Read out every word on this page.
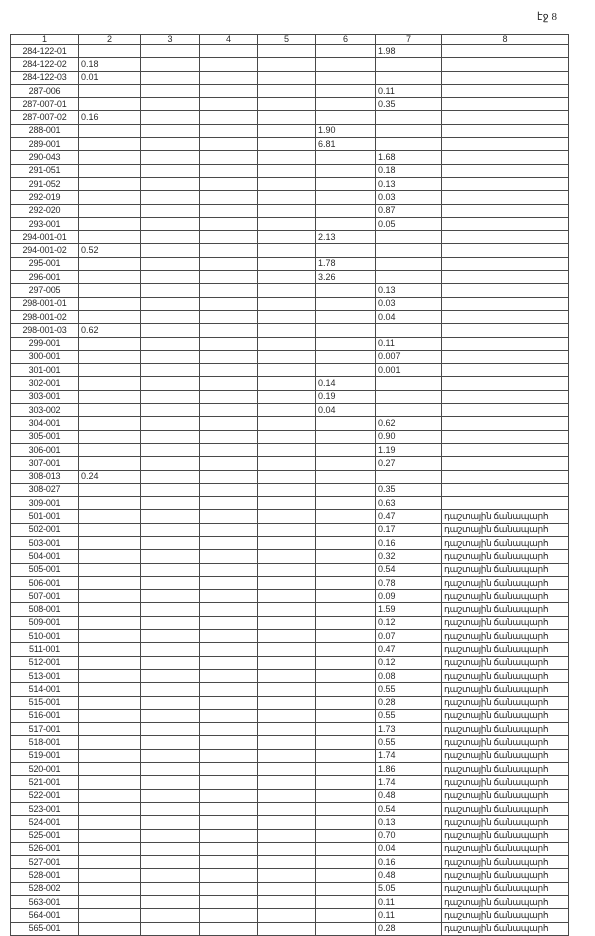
էջ 8
1	2	3	4	5	6	7	8
284-122-01						1.98	
284-122-02	0.18						
284-122-03	0.01						
287-006						0.11	
287-007-01						0.35	
287-007-02	0.16						
288-001					1.90		
289-001					6.81		
290-043						1.68	
291-051						0.18	
291-052						0.13	
292-019						0.03	
292-020						0.87	
293-001						0.05	
294-001-01					2.13		
294-001-02	0.52						
295-001					1.78		
296-001					3.26		
297-005						0.13	
298-001-01						0.03	
298-001-02						0.04	
298-001-03	0.62						
299-001						0.11	
300-001						0.007	
301-001						0.001	
302-001					0.14		
303-001					0.19		
303-002					0.04		
304-001						0.62	
305-001						0.90	
306-001						1.19	
307-001						0.27	
308-013	0.24						
308-027						0.35	
309-001						0.63	
501-001						0.47	դաշտային ճանապարհ
502-001						0.17	դաշտային ճանապարհ
503-001						0.16	դաշտային ճանապարհ
504-001						0.32	դաշտային ճանապարհ
505-001						0.54	դաշտային ճանապարհ
506-001						0.78	դաշտային ճանապարհ
507-001						0.09	դաշտային ճանապարհ
508-001						1.59	դաշտային ճանապարհ
509-001						0.12	դաշտային ճանապարհ
510-001						0.07	դաշտային ճանապարհ
511-001						0.47	դաշտային ճանապարհ
512-001						0.12	դաշտային ճանապարհ
513-001						0.08	դաշտային ճանապարհ
514-001						0.55	դաշտային ճանապարհ
515-001						0.28	դաշտային ճանապարհ
516-001						0.55	դաշտային ճանապարհ
517-001						1.73	դաշտային ճանապարհ
518-001						0.55	դաշտային ճանապարհ
519-001						1.74	դաշտային ճանապարհ
520-001						1.86	դաշտային ճանապարհ
521-001						1.74	դաշտային ճանապարհ
522-001						0.48	դաշտային ճանապարհ
523-001						0.54	դաշտային ճանապարհ
524-001						0.13	դաշտային ճանապարհ
525-001						0.70	դաշտային ճանապարհ
526-001						0.04	դաշտային ճանապարհ
527-001						0.16	դաշտային ճանապարհ
528-001						0.48	դաշտային ճանապարհ
528-002						5.05	դաշտային ճանապարհ
563-001						0.11	դաշտային ճանապարհ
564-001						0.11	դաշտային ճանապարհ
565-001						0.28	դաշտային ճանապարհ
